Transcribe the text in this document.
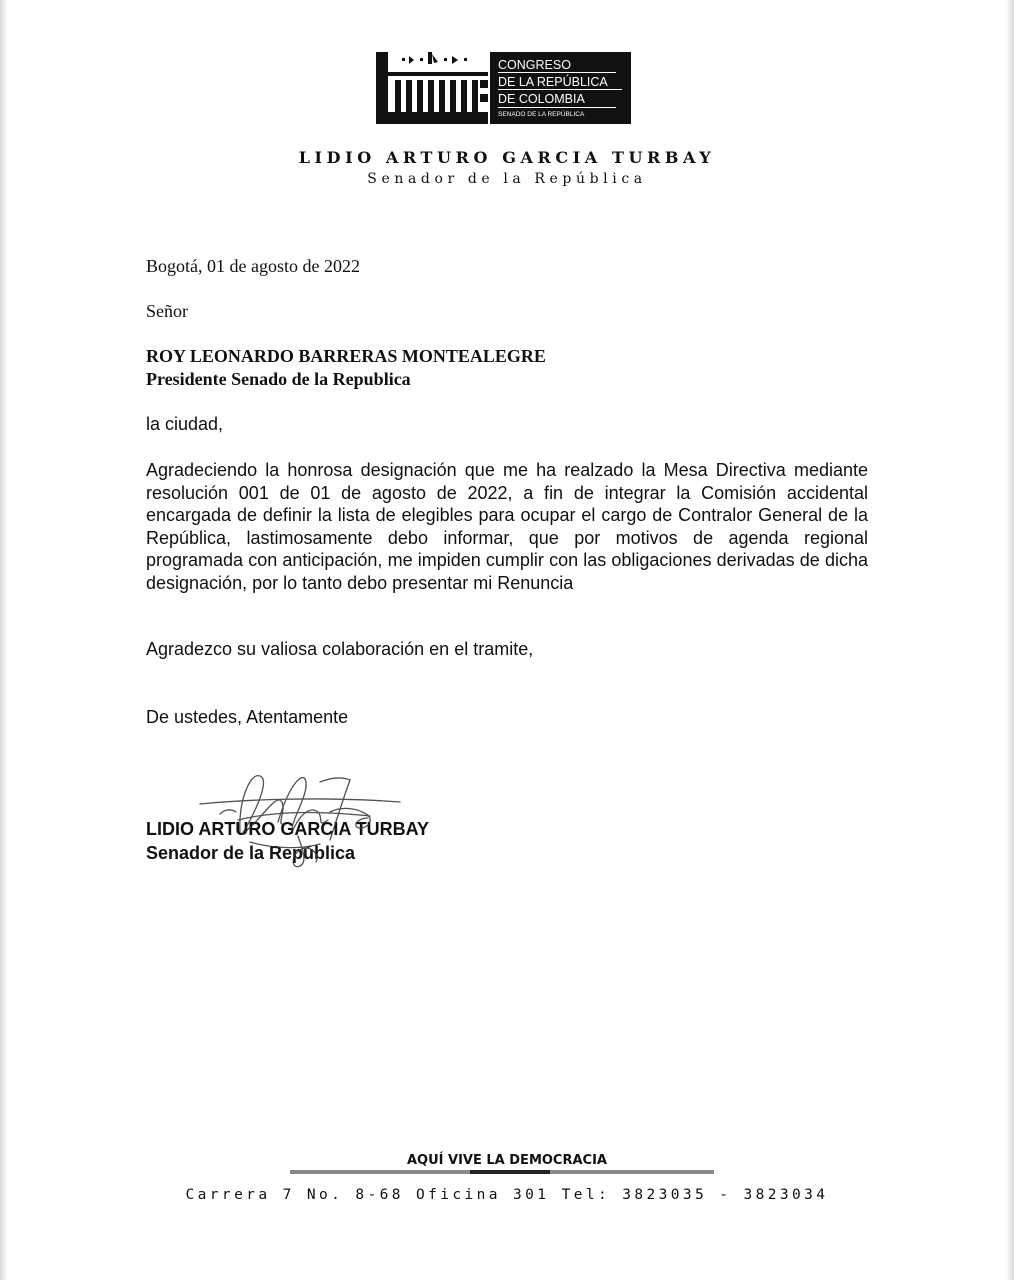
CONGRESO
DE LA REPÚBLICA
DE COLOMBIA
SENADO DE LA REPÚBLICA
LIDIO ARTURO GARCIA TURBAY
Senador de la República
Bogotá, 01 de agosto de 2022
Señor
ROY LEONARDO BARRERAS MONTEALEGRE
Presidente Senado de la Republica
la ciudad,
Agradeciendo la honrosa designación que me ha realzado la Mesa Directiva mediante resolución 001 de 01 de agosto de 2022, a fin de integrar la Comisión accidental encargada de definir la lista de elegibles para ocupar el cargo de Contralor General de la República, lastimosamente debo informar, que por motivos de agenda regional programada con anticipación, me impiden cumplir con las obligaciones derivadas de dicha designación, por lo tanto debo presentar mi Renuncia
Agradezco su valiosa colaboración en el tramite,
De ustedes, Atentamente
LIDIO ARTURO GARCIA TURBAY
Senador de la República
AQUÍ VIVE LA DEMOCRACIA
Carrera 7 No. 8-68 Oficina 301 Tel: 3823035 - 3823034
